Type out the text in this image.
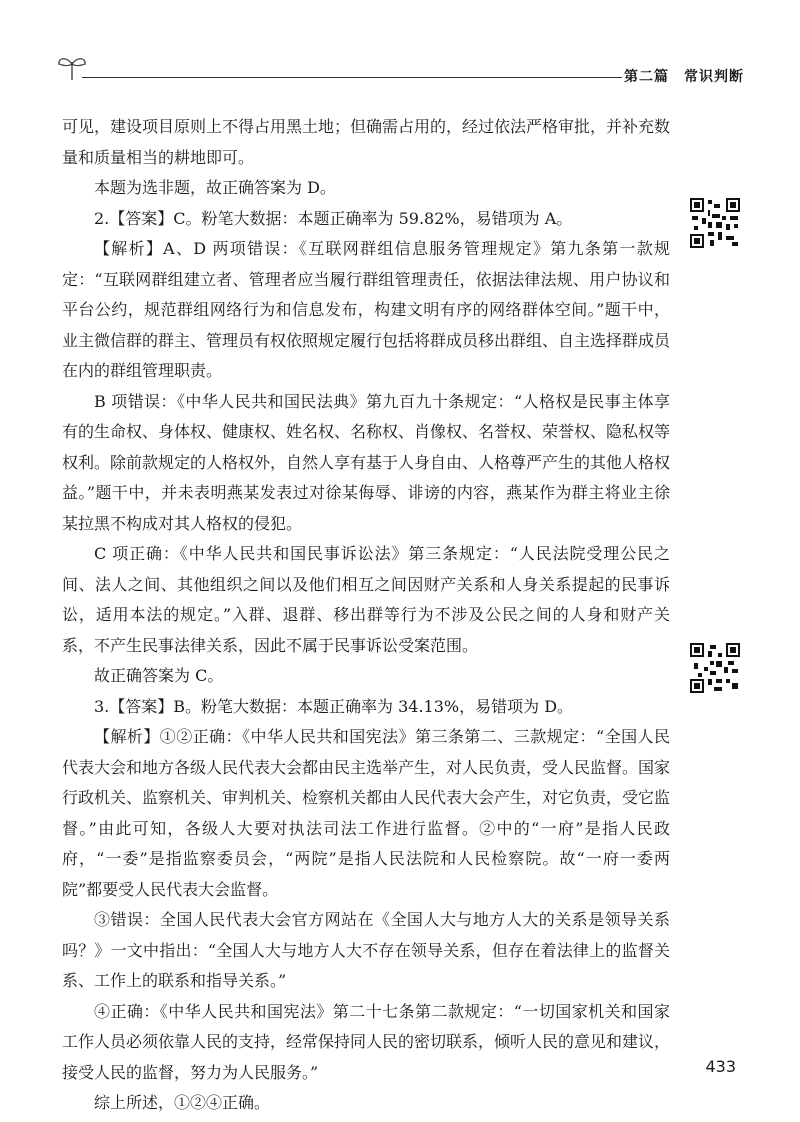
第二篇　常识判断

可见，建设项目原则上不得占用黑土地；但确需占用的，经过依法严格审批，并补充数量和质量相当的耕地即可。

本题为选非题，故正确答案为 D。

2.【答案】C。粉笔大数据：本题正确率为 59.82%，易错项为 A。

【解析】A、D 两项错误：《互联网群组信息服务管理规定》第九条第一款规定：“互联网群组建立者、管理者应当履行群组管理责任，依据法律法规、用户协议和平台公约，规范群组网络行为和信息发布，构建文明有序的网络群体空间。”题干中，业主微信群的群主、管理员有权依照规定履行包括将群成员移出群组、自主选择群成员在内的群组管理职责。

B 项错误：《中华人民共和国民法典》第九百九十条规定：“人格权是民事主体享有的生命权、身体权、健康权、姓名权、名称权、肖像权、名誉权、荣誉权、隐私权等权利。除前款规定的人格权外，自然人享有基于人身自由、人格尊严产生的其他人格权益。”题干中，并未表明燕某发表过对徐某侮辱、诽谤的内容，燕某作为群主将业主徐某拉黑不构成对其人格权的侵犯。

C 项正确：《中华人民共和国民事诉讼法》第三条规定：“人民法院受理公民之间、法人之间、其他组织之间以及他们相互之间因财产关系和人身关系提起的民事诉讼，适用本法的规定。”入群、退群、移出群等行为不涉及公民之间的人身和财产关系，不产生民事法律关系，因此不属于民事诉讼受案范围。

故正确答案为 C。

3.【答案】B。粉笔大数据：本题正确率为 34.13%，易错项为 D。

【解析】①②正确：《中华人民共和国宪法》第三条第二、三款规定：“全国人民代表大会和地方各级人民代表大会都由民主选举产生，对人民负责，受人民监督。国家行政机关、监察机关、审判机关、检察机关都由人民代表大会产生，对它负责，受它监督。”由此可知，各级人大要对执法司法工作进行监督。②中的“一府”是指人民政府，“一委”是指监察委员会，“两院”是指人民法院和人民检察院。故“一府一委两院”都要受人民代表大会监督。

③错误：全国人民代表大会官方网站在《全国人大与地方人大的关系是领导关系吗？》一文中指出：“全国人大与地方人大不存在领导关系，但存在着法律上的监督关系、工作上的联系和指导关系。”

④正确：《中华人民共和国宪法》第二十七条第二款规定：“一切国家机关和国家工作人员必须依靠人民的支持，经常保持同人民的密切联系，倾听人民的意见和建议，接受人民的监督，努力为人民服务。”

综上所述，①②④正确。

433
